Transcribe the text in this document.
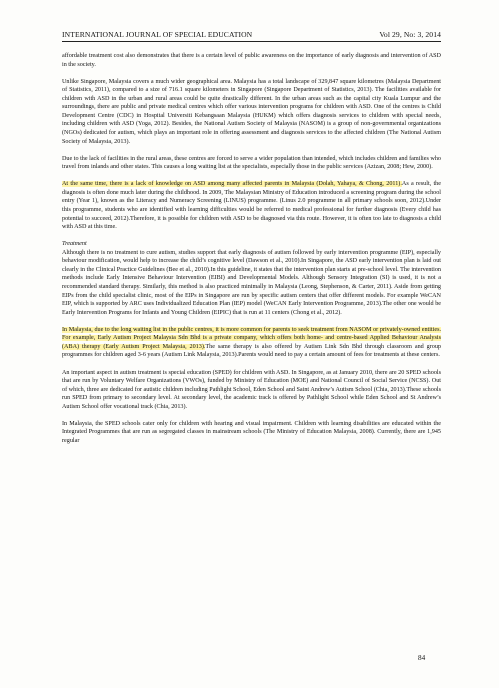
INTERNATIONAL JOURNAL OF SPECIAL EDUCATION	Vol 29, No: 3, 2014

affordable treatment cost also demonstrates that there is a certain level of public awareness on the importance of early diagnosis and intervention of ASD in the society.

Unlike Singapore, Malaysia covers a much wider geographical area. Malaysia has a total landscape of 329,847 square kilometres (Malaysia Department of Statistics, 2011), compared to a size of 716.1 square kilometers in Singapore (Singapore Department of Statistics, 2013). The facilities available for children with ASD in the urban and rural areas could be quite drastically different. In the urban areas such as the capital city Kuala Lumpur and the surroundings, there are public and private medical centres which offer various intervention programs for children with ASD. One of the centres is Child Development Centre (CDC) in Hospital Universiti Kebangsaan Malaysia (HUKM) which offers diagnosis services to children with special needs, including children with ASD (Yoga, 2012). Besides, the National Autism Society of Malaysia (NASOM) is a group of non-governmental organizations (NGOs) dedicated for autism, which plays an important role in offering assessment and diagnosis services to the affected children (The National Autism Society of Malaysia, 2013).

Due to the lack of facilities in the rural areas, these centres are forced to serve a wider population than intended, which includes children and families who travel from inlands and other states. This causes a long waiting list at the specialists, especially those in the public services (Azizan, 2008; Hew, 2000).

At the same time, there is a lack of knowledge on ASD among many affected parents in Malaysia (Dolah, Yahaya, & Chong, 2011).As a result, the diagnosis is often done much later during the childhood. In 2009, The Malaysian Ministry of Education introduced a screening program during the school entry (Year 1), known as the Literacy and Numeracy Screening (LINUS) programme. (Linus 2.0 programme in all primary schools soon, 2012).Under this programme, students who are identified with learning difficulties would be referred to medical professional for further diagnosis (Every child has potential to succeed, 2012).Therefore, it is possible for children with ASD to be diagnosed via this route. However, it is often too late to diagnosis a child with ASD at this time.

Treatment

Although there is no treatment to cure autism, studies support that early diagnosis of autism followed by early intervention programme (EIP), especially behaviour modification, would help to increase the child’s cognitive level (Dawson et al., 2010).In Singapore, the ASD early intervention plan is laid out clearly in the Clinical Practice Guidelines (Bee et al., 2010).In this guideline, it states that the intervention plan starts at pre-school level. The intervention methods include Early Intensive Behaviour Intervention (EIBI) and Developmental Models. Although Sensory Integration (SI) is used, it is not a recommended standard therapy. Similarly, this method is also practiced minimally in Malaysia (Leong, Stephenson, & Carter, 2011). Aside from getting EIPs from the child specialist clinic, most of the EIPs in Singapore are run by specific autism centers that offer different models. For example WeCAN EIP, which is supported by ARC uses Individualized Education Plan (IEP) model (WeCAN Early Intervention Programme, 2013).The other one would be Early Intervention Programs for Infants and Young Children (EIPIC) that is run at 11 centers (Chong et al., 2012).

In Malaysia, due to the long waiting list in the public centres, it is more common for parents to seek treatment from NASOM or privately-owned entities. For example, Early Autism Project Malaysia Sdn Bhd is a private company, which offers both home- and centre-based Applied Behaviour Analysis (ABA) therapy (Early Autism Project Malaysia, 2013).The same therapy is also offered by Autism Link Sdn Bhd through classroom and group programmes for children aged 3-6 years (Autism Link Malaysia, 2013).Parents would need to pay a certain amount of fees for treatments at these centers.

An important aspect in autism treatment is special education (SPED) for children with ASD. In Singapore, as at January 2010, there are 20 SPED schools that are run by Voluntary Welfare Organizations (VWOs), funded by Ministry of Education (MOE) and National Council of Social Service (NCSS). Out of which, three are dedicated for autistic children including Pathlight School, Eden School and Saint Andrew’s Autism School (Chia, 2013).These schools run SPED from primary to secondary level. At secondary level, the academic track is offered by Pathlight School while Eden School and St Andrew’s Autism School offer vocational track (Chia, 2013).

In Malaysia, the SPED schools cater only for children with hearing and visual impairment. Children with learning disabilities are educated within the Integrated Programmes that are run as segregated classes in mainstream schools (The Ministry of Education Malaysia, 2008). Currently, there are 1,945 regular

84
